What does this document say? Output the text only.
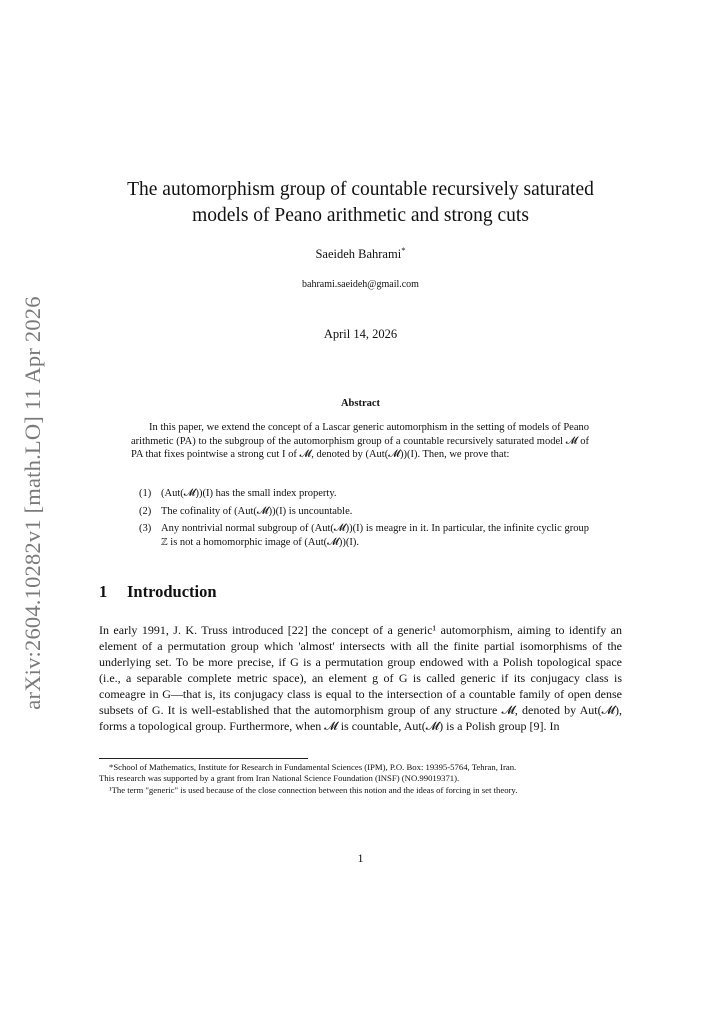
arXiv:2604.10282v1 [math.LO] 11 Apr 2026
The automorphism group of countable recursively saturated
models of Peano arithmetic and strong cuts
Saeideh Bahrami*
bahrami.saeideh@gmail.com
April 14, 2026
Abstract

In this paper, we extend the concept of a Lascar generic automorphism in the setting of models of Peano arithmetic (PA) to the subgroup of the automorphism group of a countable recursively saturated model 𝓜 of PA that fixes pointwise a strong cut I of 𝓜, denoted by (Aut(𝓜))(I). Then, we prove that:

(1) (Aut(𝓜))(I) has the small index property.
(2) The cofinality of (Aut(𝓜))(I) is uncountable.
(3) Any nontrivial normal subgroup of (Aut(𝓜))(I) is meagre in it. In particular, the infinite cyclic group ℤ is not a homomorphic image of (Aut(𝓜))(I).
1 Introduction

In early 1991, J. K. Truss introduced [22] the concept of a generic¹ automorphism, aiming to identify an element of a permutation group which 'almost' intersects with all the finite partial isomorphisms of the underlying set. To be more precise, if G is a permutation group endowed with a Polish topological space (i.e., a separable complete metric space), an element g of G is called generic if its conjugacy class is comeagre in G—that is, its conjugacy class is equal to the intersection of a countable family of open dense subsets of G. It is well-established that the automorphism group of any structure 𝓜, denoted by Aut(𝓜), forms a topological group. Furthermore, when 𝓜 is countable, Aut(𝓜) is a Polish group [9]. In

*School of Mathematics, Institute for Research in Fundamental Sciences (IPM), P.O. Box: 19395-5764, Tehran, Iran.

This research was supported by a grant from Iran National Science Foundation (INSF) (NO.99019371).

¹The term "generic" is used because of the close connection between this notion and the ideas of forcing in set theory.

1
